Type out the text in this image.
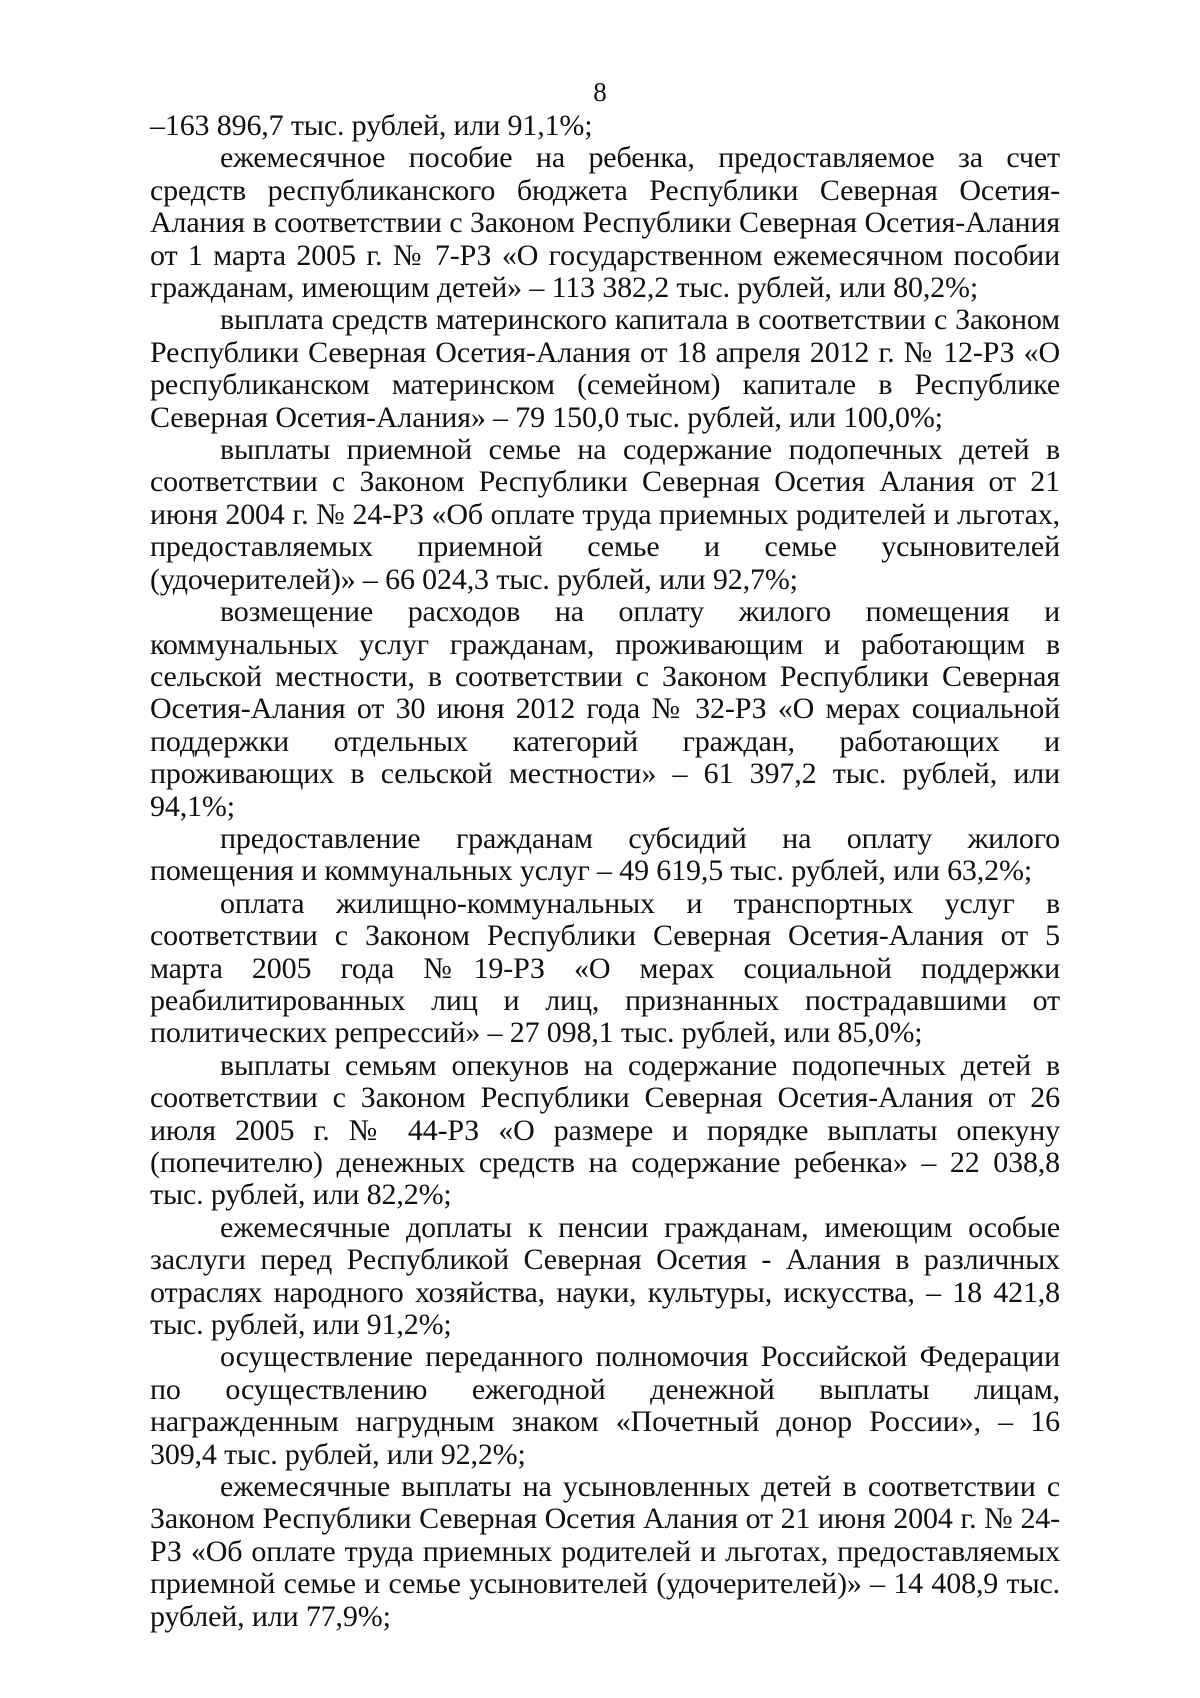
8

–163 896,7 тыс. рублей, или 91,1%;

ежемесячное пособие на ребенка, предоставляемое за счет средств республиканского бюджета Республики Северная Осетия-Алания в соответствии с Законом Республики Северная Осетия-Алания от 1 марта 2005 г. № 7-РЗ «О государственном ежемесячном пособии гражданам, имеющим детей» – 113 382,2 тыс. рублей, или 80,2%;

выплата средств материнского капитала в соответствии с Законом Республики Северная Осетия-Алания от 18 апреля 2012 г. № 12-РЗ «О республиканском материнском (семейном) капитале в Республике Северная Осетия-Алания» – 79 150,0 тыс. рублей, или 100,0%;

выплаты приемной семье на содержание подопечных детей в соответствии с Законом Республики Северная Осетия Алания от 21 июня 2004 г. № 24-РЗ «Об оплате труда приемных родителей и льготах, предоставляемых приемной семье и семье усыновителей (удочерителей)» – 66 024,3 тыс. рублей, или 92,7%;

возмещение расходов на оплату жилого помещения и коммунальных услуг гражданам, проживающим и работающим в сельской местности, в соответствии с Законом Республики Северная Осетия-Алания от 30 июня 2012 года № 32-РЗ «О мерах социальной поддержки отдельных категорий граждан, работающих и проживающих в сельской местности» – 61 397,2 тыс. рублей, или 94,1%;

предоставление гражданам субсидий на оплату жилого помещения и коммунальных услуг – 49 619,5 тыс. рублей, или 63,2%;

оплата жилищно-коммунальных и транспортных услуг в соответствии с Законом Республики Северная Осетия-Алания от 5 марта 2005 года №19-РЗ «О мерах социальной поддержки реабилитированных лиц и лиц, признанных пострадавшими от политических репрессий» – 27 098,1 тыс. рублей, или 85,0%;

выплаты семьям опекунов на содержание подопечных детей в соответствии с Законом Республики Северная Осетия-Алания от 26 июля 2005 г. № 44-РЗ «О размере и порядке выплаты опекуну (попечителю) денежных средств на содержание ребенка» – 22 038,8 тыс. рублей, или 82,2%;

ежемесячные доплаты к пенсии гражданам, имеющим особые заслуги перед Республикой Северная Осетия - Алания в различных отраслях народного хозяйства, науки, культуры, искусства, – 18 421,8 тыс. рублей, или 91,2%;

осуществление переданного полномочия Российской Федерации по осуществлению ежегодной денежной выплаты лицам, награжденным нагрудным знаком «Почетный донор России», – 16 309,4 тыс. рублей, или 92,2%;

ежемесячные выплаты на усыновленных детей в соответствии с Законом Республики Северная Осетия Алания от 21 июня 2004 г. № 24-РЗ «Об оплате труда приемных родителей и льготах, предоставляемых приемной семье и семье усыновителей (удочерителей)» – 14 408,9 тыс. рублей, или 77,9%;
